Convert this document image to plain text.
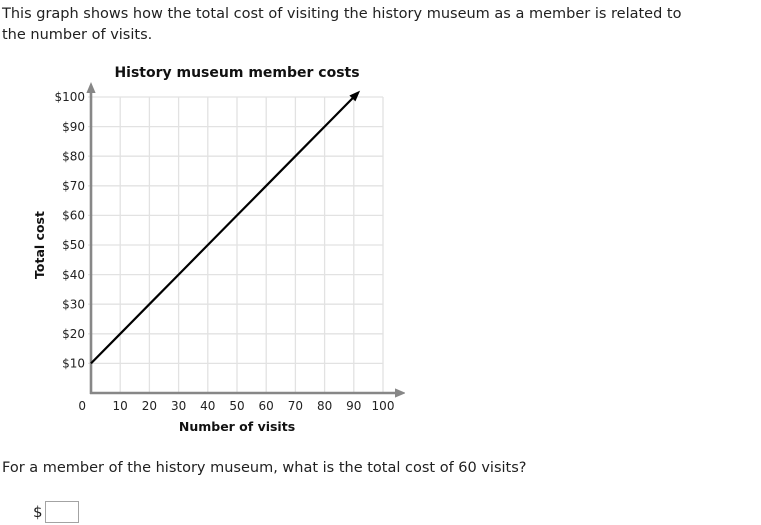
This graph shows how the total cost of visiting the history museum as a member is related to
the number of visits.
0 10 20 30 40 50 60 70 80 90 100
$10
$20
$30
$40
$50
$60
$70
$80
$90
$100
History museum member costs
Number of visits
Total cost

For a member of the history museum, what is the total cost of 60 visits?

$
